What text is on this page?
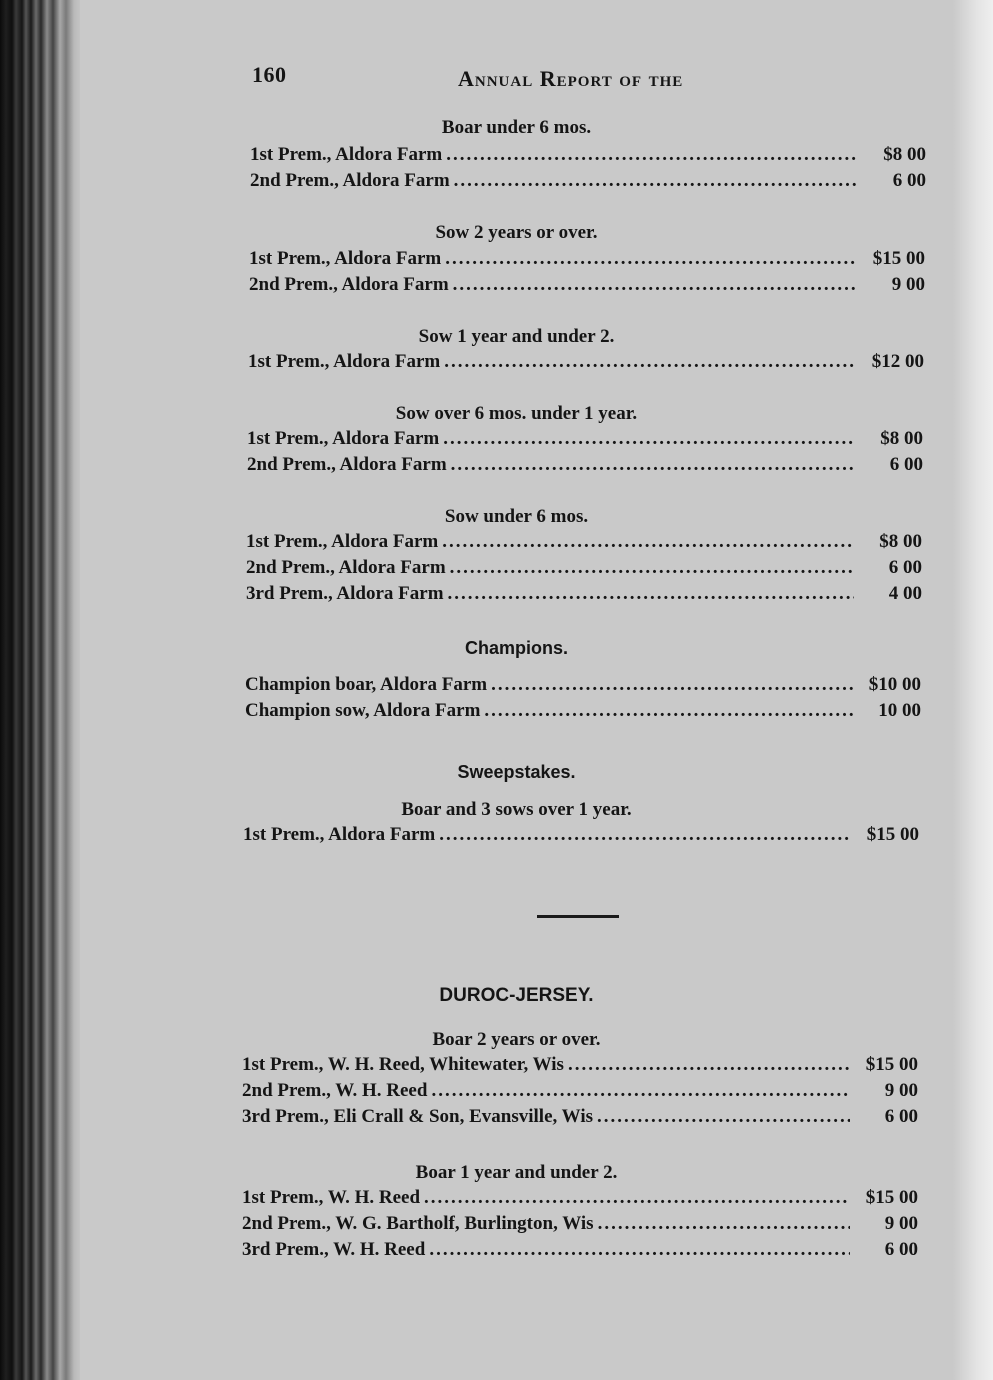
160	Annual Report of the
Boar under 6 mos.
1st Prem., Aldora Farm .....	$8 00
2nd Prem., Aldora Farm .....	6 00
Sow 2 years or over.
1st Prem., Aldora Farm .....	$15 00
2nd Prem., Aldora Farm .....	9 00
Sow 1 year and under 2.
1st Prem., Aldora Farm .....	$12 00
Sow over 6 mos. under 1 year.
1st Prem., Aldora Farm .....	$8 00
2nd Prem., Aldora Farm .....	6 00
Sow under 6 mos.
1st Prem., Aldora Farm .....	$8 00
2nd Prem., Aldora Farm .....	6 00
3rd Prem., Aldora Farm .....	4 00
Champions.
Champion boar, Aldora Farm .....	$10 00
Champion sow, Aldora Farm .....	10 00
Sweepstakes.
Boar and 3 sows over 1 year.
1st Prem., Aldora Farm .....	$15 00
DUROC-JERSEY.
Boar 2 years or over.
1st Prem., W. H. Reed, Whitewater, Wis .....	$15 00
2nd Prem., W. H. Reed .....	9 00
3rd Prem., Eli Crall & Son, Evansville, Wis .....	6 00
Boar 1 year and under 2.
1st Prem., W. H. Reed .....	$15 00
2nd Prem., W. G. Bartholf, Burlington, Wis .....	9 00
3rd Prem., W. H. Reed .....	6 00
